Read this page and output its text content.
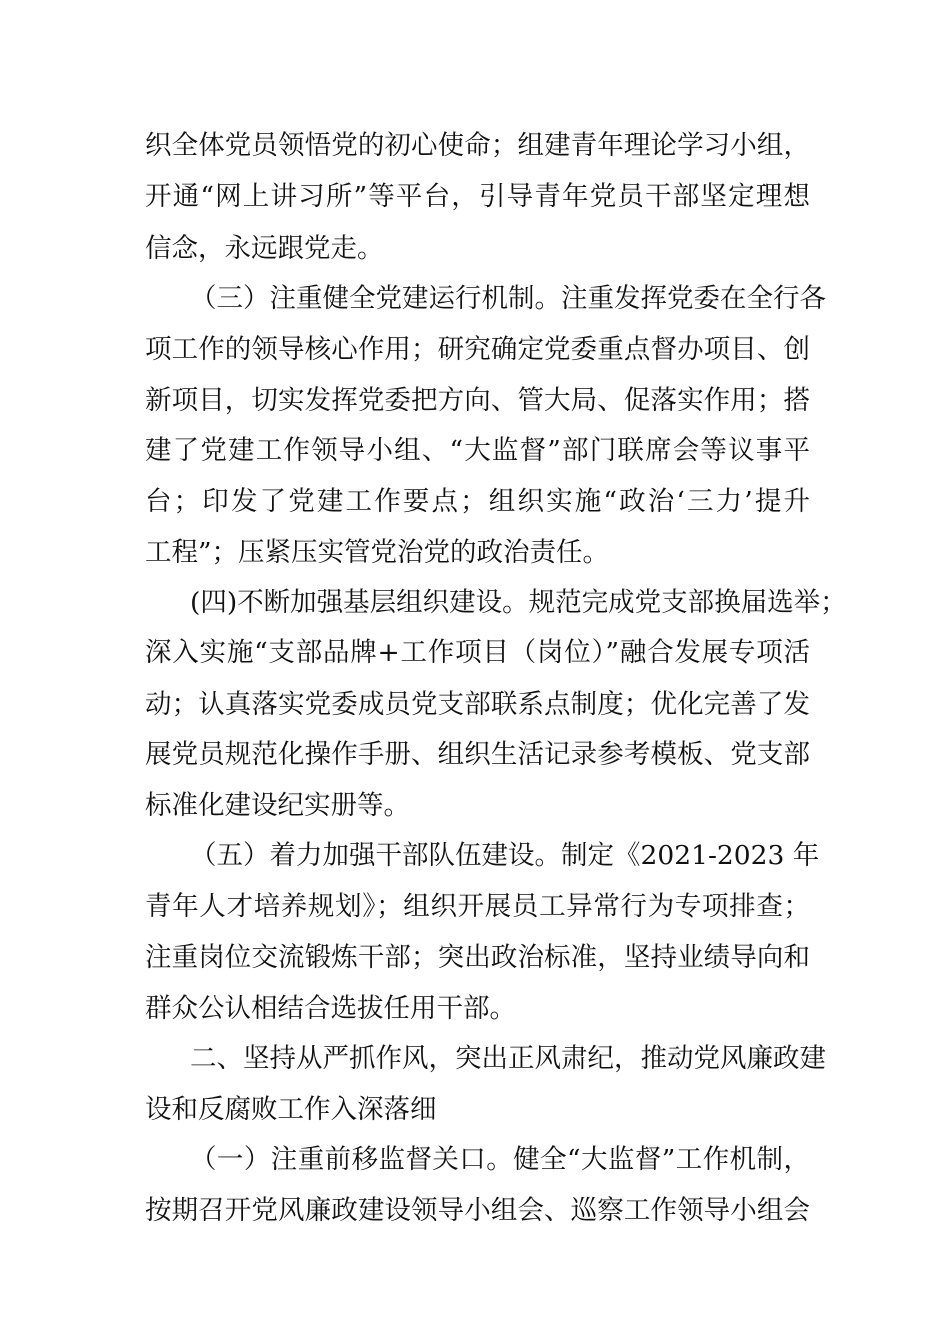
织全体党员领悟党的初心使命；组建青年理论学习小组，
开通“网上讲习所”等平台，引导青年党员干部坚定理想
信念，永远跟党走。
（三）注重健全党建运行机制。注重发挥党委在全行各
项工作的领导核心作用；研究确定党委重点督办项目、创
新项目，切实发挥党委把方向、管大局、促落实作用；搭
建了党建工作领导小组、“大监督”部门联席会等议事平
台；印发了党建工作要点；组织实施“政治‘三力’提升
工程”；压紧压实管党治党的政治责任。
(四)不断加强基层组织建设。规范完成党支部换届选举；
深入实施“支部品牌+工作项目（岗位）”融合发展专项活
动；认真落实党委成员党支部联系点制度；优化完善了发
展党员规范化操作手册、组织生活记录参考模板、党支部
标准化建设纪实册等。
（五）着力加强干部队伍建设。制定《2021-2023 年
青年人才培养规划》；组织开展员工异常行为专项排查；
注重岗位交流锻炼干部；突出政治标准，坚持业绩导向和
群众公认相结合选拔任用干部。
二、坚持从严抓作风，突出正风肃纪，推动党风廉政建
设和反腐败工作入深落细
（一）注重前移监督关口。健全“大监督”工作机制，
按期召开党风廉政建设领导小组会、巡察工作领导小组会
